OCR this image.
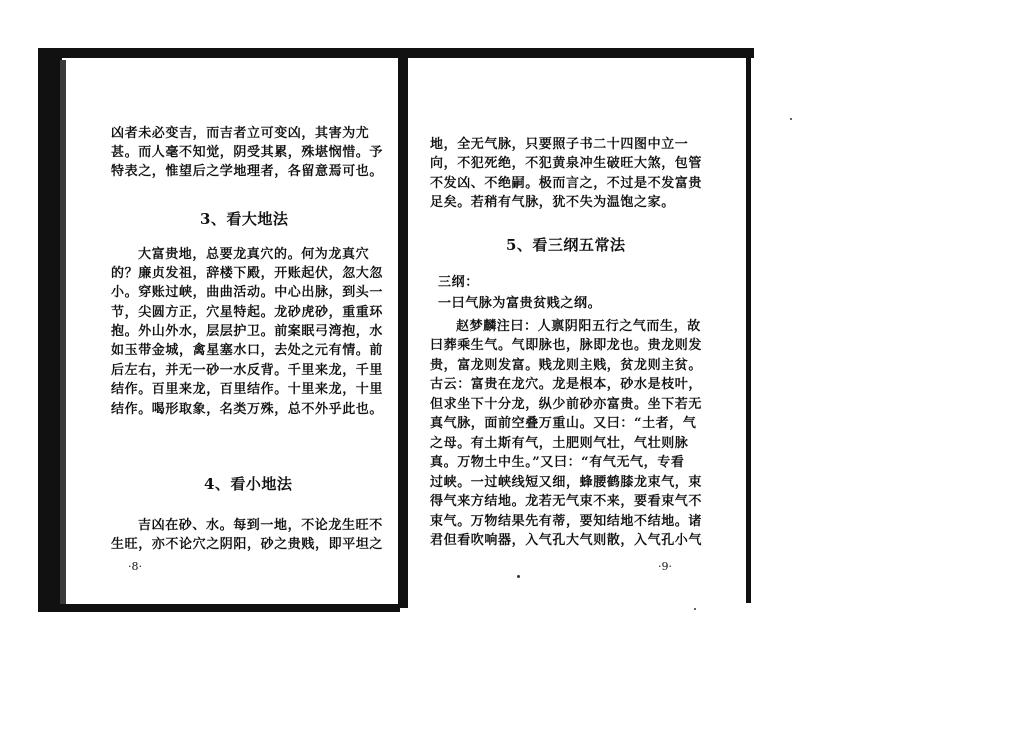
凶者未必变吉，而吉者立可变凶，其害为尤
甚。而人毫不知觉，阴受其累，殊堪悯惜。予
特表之，惟望后之学地理者，各留意焉可也。
3、看大地法
大富贵地，总要龙真穴的。何为龙真穴
的？廉贞发祖，辞楼下殿，开账起伏，忽大忽
小。穿账过峡，曲曲活动。中心出脉，到头一
节，尖圆方正，穴星特起。龙砂虎砂，重重环
抱。外山外水，层层护卫。前案眠弓湾抱，水
如玉带金城，禽星塞水口，去处之元有情。前
后左右，并无一砂一水反背。千里来龙，千里
结作。百里来龙，百里结作。十里来龙，十里
结作。喝形取象，名类万殊，总不外乎此也。
4、看小地法
吉凶在砂、水。每到一地，不论龙生旺不
生旺，亦不论穴之阴阳，砂之贵贱，即平坦之
·8·
地，全无气脉，只要照子书二十四图中立一
向，不犯死绝，不犯黄泉冲生破旺大煞，包管
不发凶、不绝嗣。极而言之，不过是不发富贵
足矣。若稍有气脉，犹不失为温饱之家。
5、看三纲五常法
三纲：
一曰气脉为富贵贫贱之纲。
赵梦麟注曰：人禀阴阳五行之气而生，故
曰葬乘生气。气即脉也，脉即龙也。贵龙则发
贵，富龙则发富。贱龙则主贱，贫龙则主贫。
古云：富贵在龙穴。龙是根本，砂水是枝叶，
但求坐下十分龙，纵少前砂亦富贵。坐下若无
真气脉，面前空叠万重山。又曰：“土者，气
之母。有土斯有气，土肥则气壮，气壮则脉
真。万物土中生。”又曰：“有气无气，专看
过峡。一过峡线短又细，蜂腰鹤膝龙束气，束
得气来方结地。龙若无气束不来，要看束气不
束气。万物结果先有蒂，要知结地不结地。诸
君但看吹响器，入气孔大气则散，入气孔小气
·9·
